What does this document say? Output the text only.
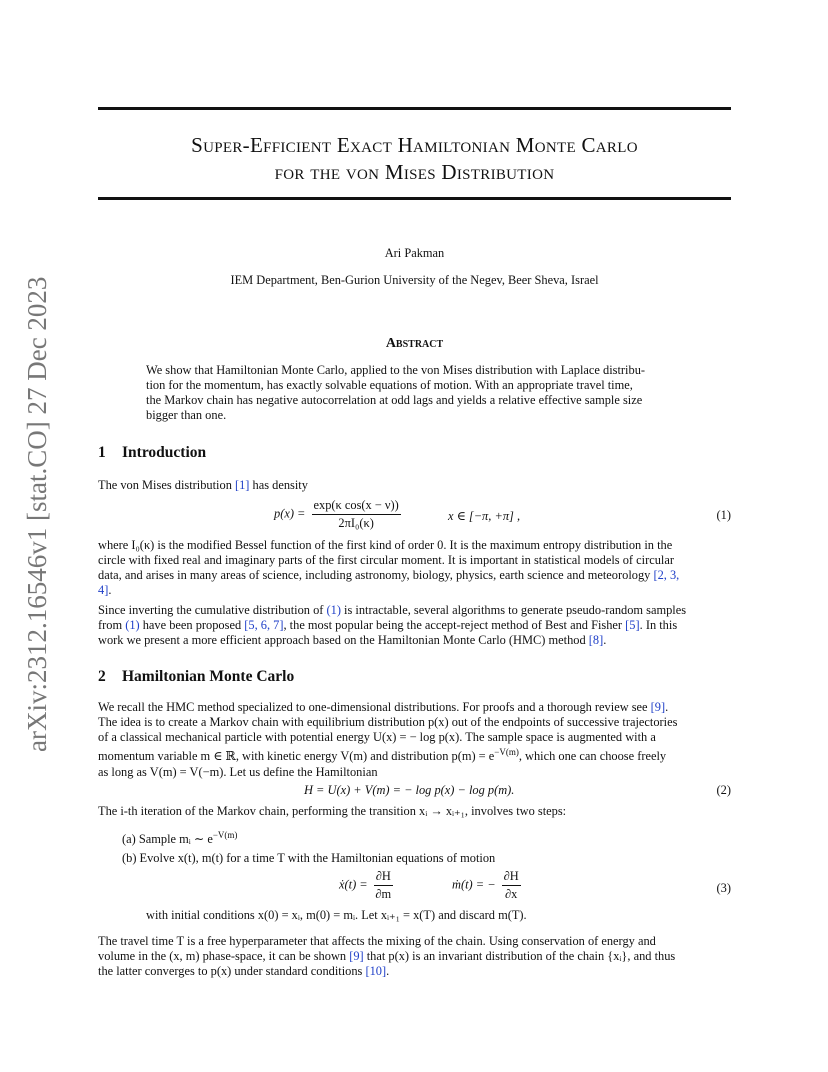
arXiv:2312.16546v1 [stat.CO] 27 Dec 2023
Super-Efficient Exact Hamiltonian Monte Carlo
for the von Mises Distribution
Ari Pakman
IEM Department, Ben-Gurion University of the Negev, Beer Sheva, Israel
Abstract
We show that Hamiltonian Monte Carlo, applied to the von Mises distribution with Laplace distribu-
tion for the momentum, has exactly solvable equations of motion. With an appropriate travel time,
the Markov chain has negative autocorrelation at odd lags and yields a relative effective sample size
bigger than one.
1 Introduction
The von Mises distribution [1] has density
$p(x) = \frac{\text{exp(κ cos(x − ν))}}{\text{2πI₀(κ)}}$	x ∈ [−π, +π] ,	(1)
where I₀(κ) is the modified Bessel function of the first kind of order 0. It is the maximum entropy distribution in the
circle with fixed real and imaginary parts of the first circular moment. It is important in statistical models of circular
data, and arises in many areas of science, including astronomy, biology, physics, earth science and meteorology [2, 3,
4].
Since inverting the cumulative distribution of (1) is intractable, several algorithms to generate pseudo-random samples
from (1) have been proposed [5, 6, 7], the most popular being the accept-reject method of Best and Fisher [5]. In this
work we present a more efficient approach based on the Hamiltonian Monte Carlo (HMC) method [8].
2 Hamiltonian Monte Carlo
We recall the HMC method specialized to one-dimensional distributions. For proofs and a thorough review see [9].
The idea is to create a Markov chain with equilibrium distribution p(x) out of the endpoints of successive trajectories
of a classical mechanical particle with potential energy U(x) = − log p(x). The sample space is augmented with a
momentum variable m ∈ ℝ, with kinetic energy V(m) and distribution $p(m) = e^{-V(m)}$, which one can choose freely
as long as V(m) = V(−m). Let us define the Hamiltonian
H = U(x) + V(m) = − log p(x) − log p(m).	(2)
The i-th iteration of the Markov chain, performing the transition xᵢ → xᵢ₊₁, involves two steps:
(a) Sample mᵢ ∼ $e^{-V(m)}$
(b) Evolve x(t), m(t) for a time T with the Hamiltonian equations of motion
ẋ(t) = $\frac{\partial H}{\partial m}$	ṁ(t) = − $\frac{\partial H}{\partial x}$	(3)
with initial conditions x(0) = xᵢ, m(0) = mᵢ. Let xᵢ₊₁ = x(T) and discard m(T).
The travel time T is a free hyperparameter that affects the mixing of the chain. Using conservation of energy and
volume in the (x, m) phase-space, it can be shown [9] that p(x) is an invariant distribution of the chain {xᵢ}, and thus
the latter converges to p(x) under standard conditions [10].
